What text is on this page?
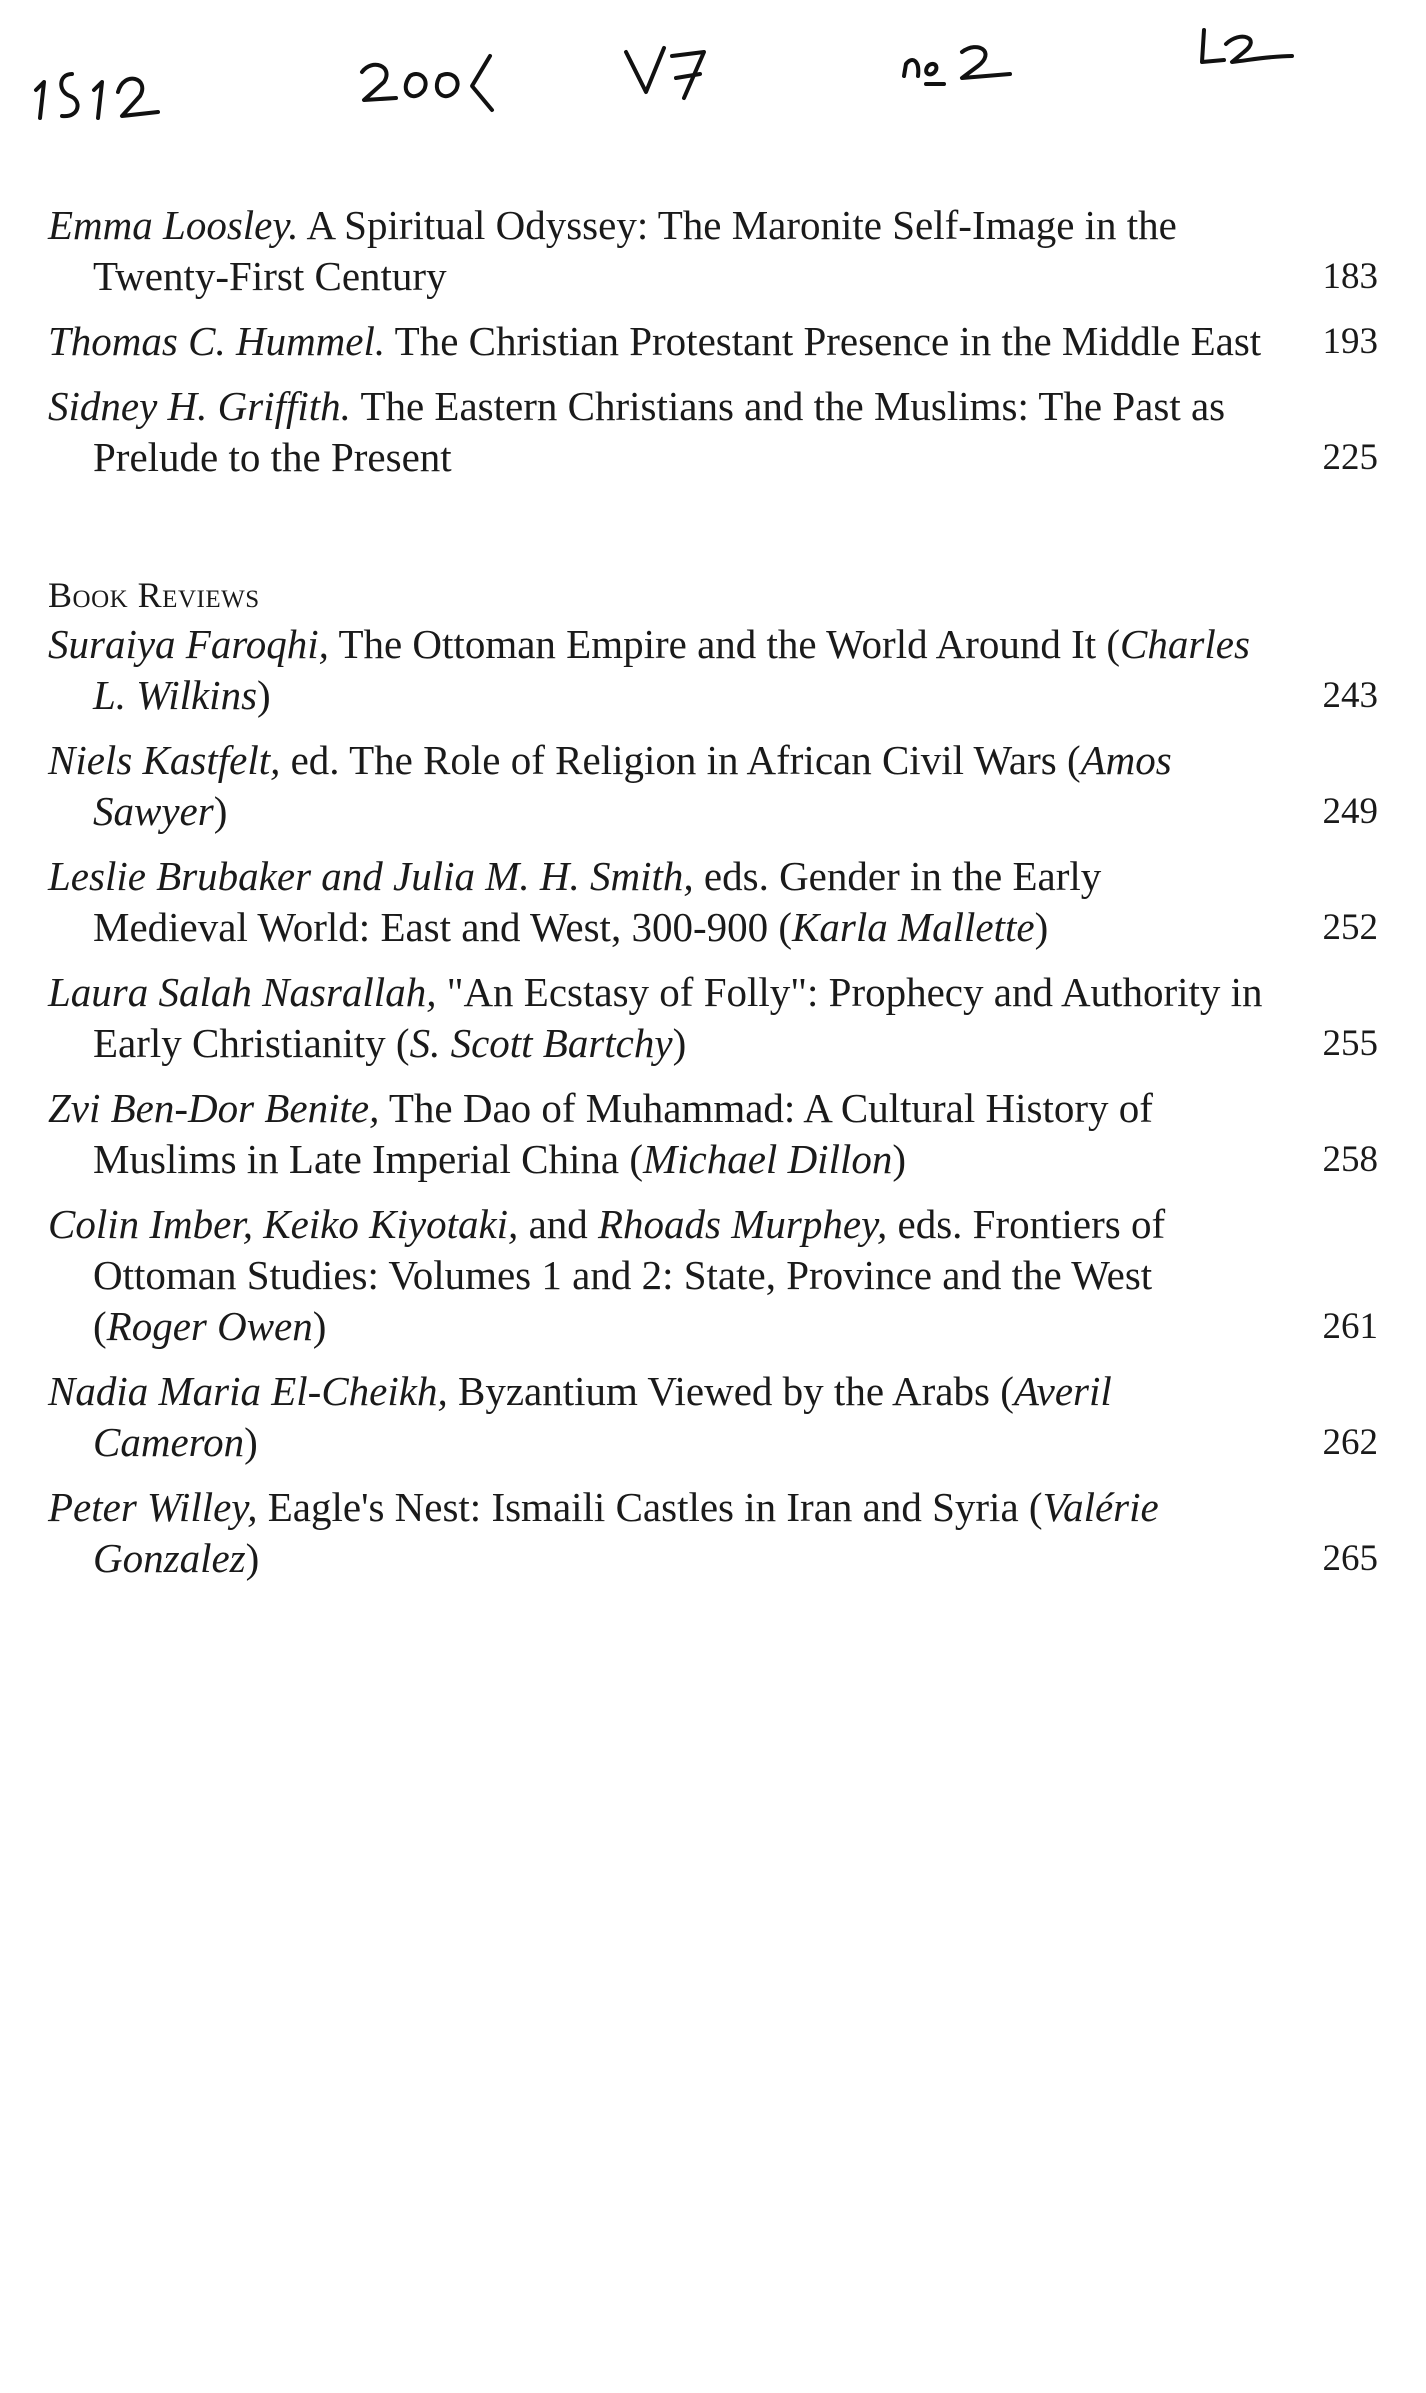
Emma Loosley. A Spiritual Odyssey: The Maronite Self-Image in the Twenty-First Century	183
Thomas C. Hummel. The Christian Protestant Presence in the Middle East 193
Sidney H. Griffith. The Eastern Christians and the Muslims: The Past as Prelude to the Present	225
Book Reviews
Suraiya Faroqhi, The Ottoman Empire and the World Around It (Charles L. Wilkins)	243
Niels Kastfelt, ed. The Role of Religion in African Civil Wars (Amos Sawyer)	249
Leslie Brubaker and Julia M. H. Smith, eds. Gender in the Early Medieval World: East and West, 300-900 (Karla Mallette)	252
Laura Salah Nasrallah, "An Ecstasy of Folly": Prophecy and Authority in Early Christianity (S. Scott Bartchy)	255
Zvi Ben-Dor Benite, The Dao of Muhammad: A Cultural History of Muslims in Late Imperial China (Michael Dillon)	258
Colin Imber, Keiko Kiyotaki, and Rhoads Murphey, eds. Frontiers of Ottoman Studies: Volumes 1 and 2: State, Province and the West (Roger Owen)	261
Nadia Maria El-Cheikh, Byzantium Viewed by the Arabs (Averil Cameron)	262
Peter Willey, Eagle's Nest: Ismaili Castles in Iran and Syria (Valérie Gonzalez)	265
